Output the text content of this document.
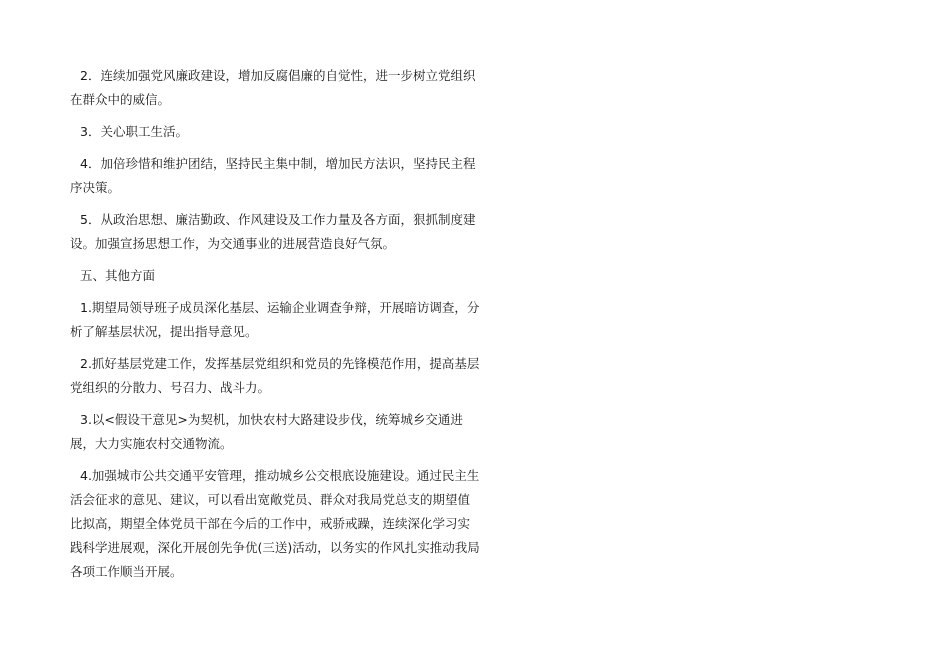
2．连续加强党风廉政建设，增加反腐倡廉的自觉性，进一步树立党组织在群众中的威信。

3．关心职工生活。

4．加倍珍惜和维护团结，坚持民主集中制，增加民方法识，坚持民主程序决策。

5．从政治思想、廉洁勤政、作风建设及工作力量及各方面，狠抓制度建设。加强宣扬思想工作，为交通事业的进展营造良好气氛。

五、其他方面

1.期望局领导班子成员深化基层、运输企业调查争辩，开展暗访调查，分析了解基层状况，提出指导意见。

2.抓好基层党建工作，发挥基层党组织和党员的先锋模范作用，提高基层党组织的分散力、号召力、战斗力。

3.以<假设干意见>为契机，加快农村大路建设步伐，统筹城乡交通进展，大力实施农村交通物流。

4.加强城市公共交通平安管理，推动城乡公交根底设施建设。通过民主生活会征求的意见、建议，可以看出宽敞党员、群众对我局党总支的期望值比拟高，期望全体党员干部在今后的工作中，戒骄戒躁，连续深化学习实践科学进展观，深化开展创先争优(三送)活动，以务实的作风扎实推动我局各项工作顺当开展。
